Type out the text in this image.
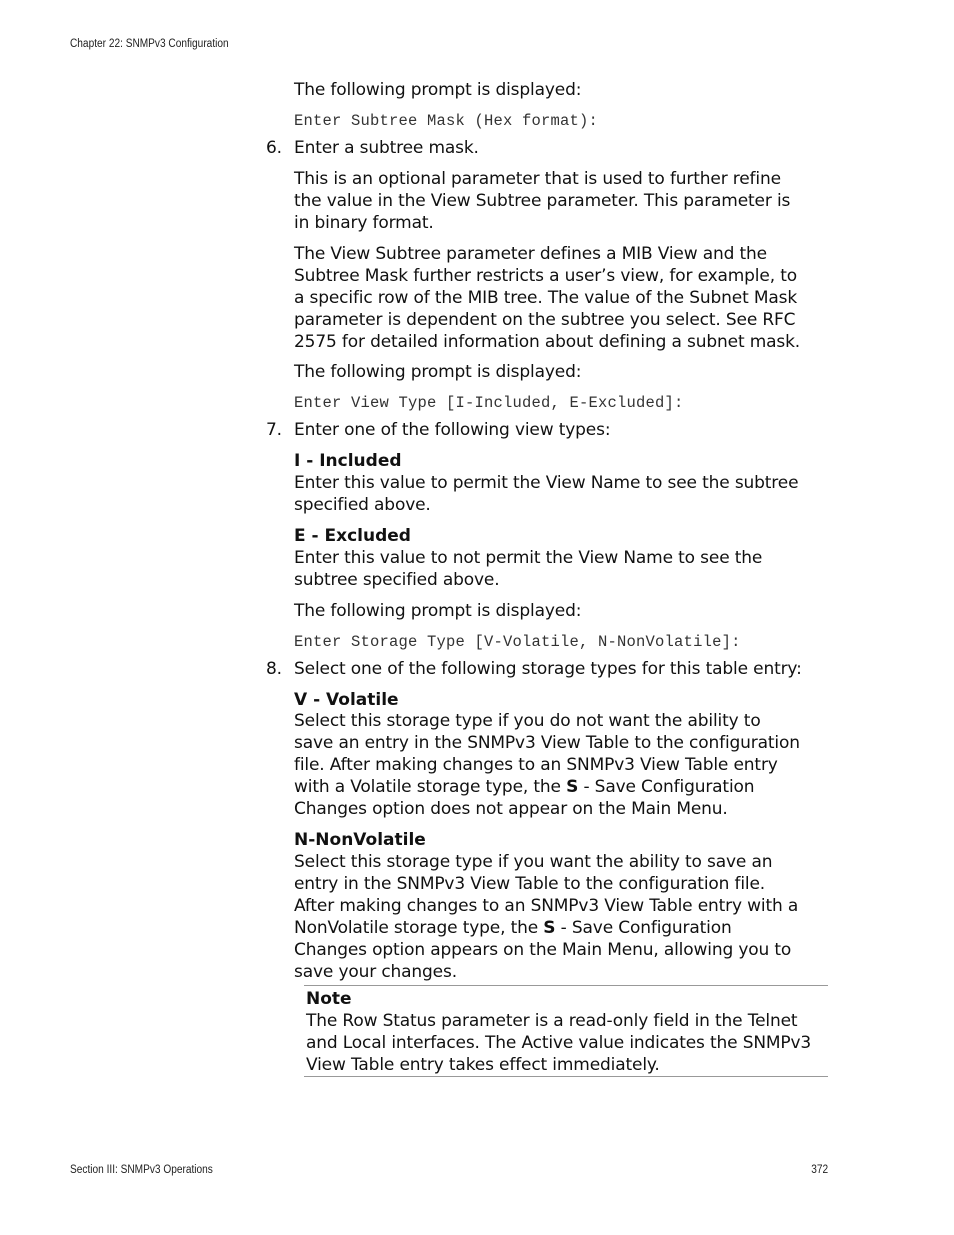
Chapter 22: SNMPv3 Configuration

The following prompt is displayed:

Enter Subtree Mask (Hex format):
6. Enter a subtree mask.

This is an optional parameter that is used to further refine the value in the View Subtree parameter. This parameter is in binary format.

The View Subtree parameter defines a MIB View and the Subtree Mask further restricts a user’s view, for example, to a specific row of the MIB tree. The value of the Subnet Mask parameter is dependent on the subtree you select. See RFC 2575 for detailed information about defining a subnet mask.

The following prompt is displayed:

Enter View Type [I-Included, E-Excluded]:
7. Enter one of the following view types:
I - Included

Enter this value to permit the View Name to see the subtree specified above.

E - Excluded

Enter this value to not permit the View Name to see the subtree specified above.

The following prompt is displayed:

Enter Storage Type [V-Volatile, N-NonVolatile]:
8. Select one of the following storage types for this table entry:
V - Volatile

Select this storage type if you do not want the ability to save an entry in the SNMPv3 View Table to the configuration file. After making changes to an SNMPv3 View Table entry with a Volatile storage type, the S - Save Configuration Changes option does not appear on the Main Menu.

N-NonVolatile

Select this storage type if you want the ability to save an entry in the SNMPv3 View Table to the configuration file. After making changes to an SNMPv3 View Table entry with a NonVolatile storage type, the S - Save Configuration Changes option appears on the Main Menu, allowing you to save your changes.

Note
The Row Status parameter is a read-only field in the Telnet and Local interfaces. The Active value indicates the SNMPv3 View Table entry takes effect immediately.
Section III: SNMPv3 Operations	372
